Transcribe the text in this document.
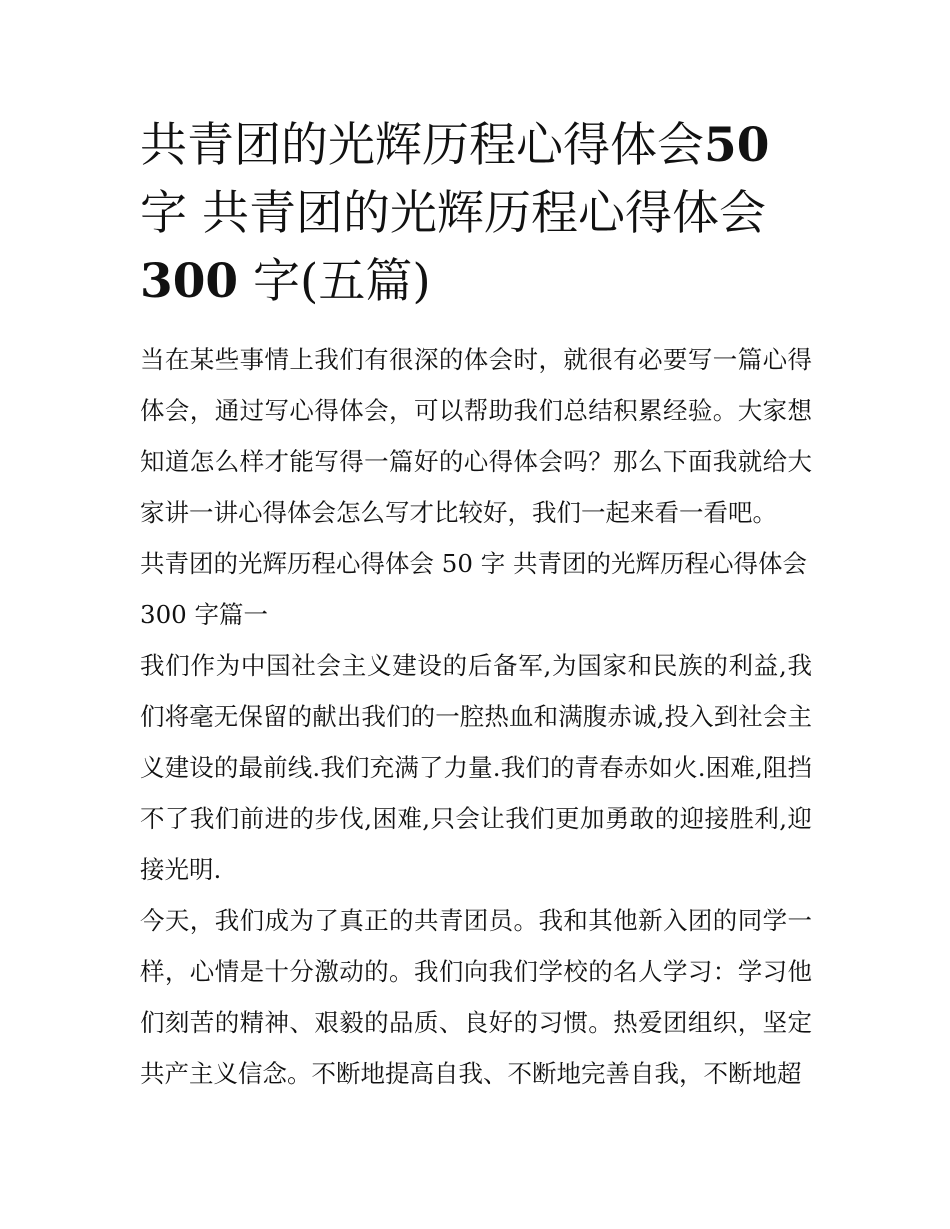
共青团的光辉历程心得体会50
字 共青团的光辉历程心得体会
300 字(五篇)

当在某些事情上我们有很深的体会时，就很有必要写一篇心得体会，通过写心得体会，可以帮助我们总结积累经验。大家想知道怎么样才能写得一篇好的心得体会吗？那么下面我就给大家讲一讲心得体会怎么写才比较好，我们一起来看一看吧。

共青团的光辉历程心得体会 50 字 共青团的光辉历程心得体会 300 字篇一

我们作为中国社会主义建设的后备军,为国家和民族的利益,我们将毫无保留的献出我们的一腔热血和满腹赤诚,投入到社会主义建设的最前线.我们充满了力量.我们的青春赤如火.困难,阻挡不了我们前进的步伐,困难,只会让我们更加勇敢的迎接胜利,迎接光明.

今天，我们成为了真正的共青团员。我和其他新入团的同学一样，心情是十分激动的。我们向我们学校的名人学习：学习他们刻苦的精神、艰毅的品质、良好的习惯。热爱团组织，坚定共产主义信念。不断地提高自我、不断地完善自我，不断地超
